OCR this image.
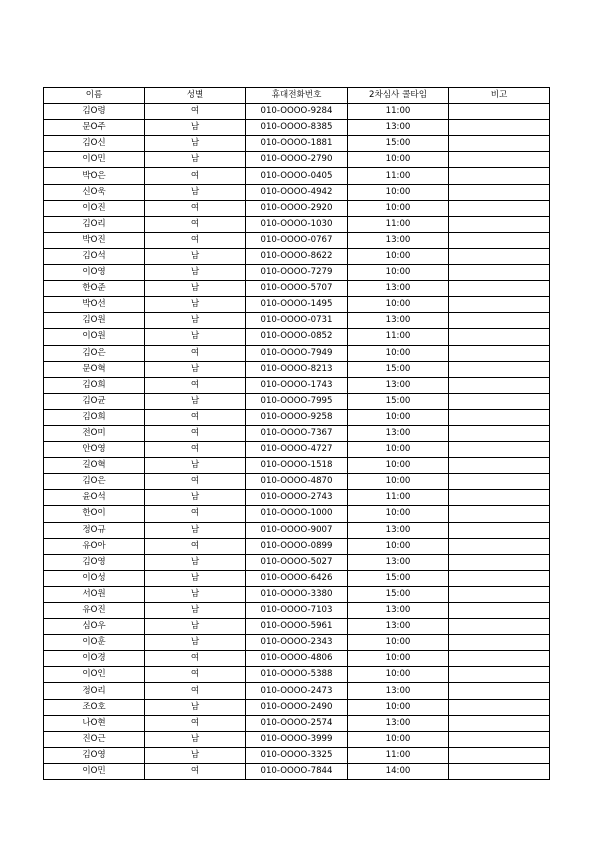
이름	성별	휴대전화번호	2차심사 콜타임	비고
김O령	여	010-OOOO-9284	11:00	
문O주	남	010-OOOO-8385	13:00	
김O신	남	010-OOOO-1881	15:00	
이O민	남	010-OOOO-2790	10:00	
박O은	여	010-OOOO-0405	11:00	
신O욱	남	010-OOOO-4942	10:00	
이O진	여	010-OOOO-2920	10:00	
김O리	여	010-OOOO-1030	11:00	
박O진	여	010-OOOO-0767	13:00	
김O석	남	010-OOOO-8622	10:00	
이O영	남	010-OOOO-7279	10:00	
한O준	남	010-OOOO-5707	13:00	
박O선	남	010-OOOO-1495	10:00	
김O원	남	010-OOOO-0731	13:00	
이O원	남	010-OOOO-0852	11:00	
김O은	여	010-OOOO-7949	10:00	
문O혁	남	010-OOOO-8213	15:00	
김O희	여	010-OOOO-1743	13:00	
김O균	남	010-OOOO-7995	15:00	
김O희	여	010-OOOO-9258	10:00	
전O미	여	010-OOOO-7367	13:00	
안O영	여	010-OOOO-4727	10:00	
길O혁	남	010-OOOO-1518	10:00	
김O은	여	010-OOOO-4870	10:00	
윤O석	남	010-OOOO-2743	11:00	
한O이	여	010-OOOO-1000	10:00	
정O규	남	010-OOOO-9007	13:00	
유O아	여	010-OOOO-0899	10:00	
김O영	남	010-OOOO-5027	13:00	
이O성	남	010-OOOO-6426	15:00	
서O원	남	010-OOOO-3380	15:00	
유O진	남	010-OOOO-7103	13:00	
심O우	남	010-OOOO-5961	13:00	
이O훈	남	010-OOOO-2343	10:00	
이O경	여	010-OOOO-4806	10:00	
이O인	여	010-OOOO-5388	10:00	
정O리	여	010-OOOO-2473	13:00	
조O호	남	010-OOOO-2490	10:00	
나O현	여	010-OOOO-2574	13:00	
진O근	남	010-OOOO-3999	10:00	
김O영	남	010-OOOO-3325	11:00	
이O민	여	010-OOOO-7844	14:00	
